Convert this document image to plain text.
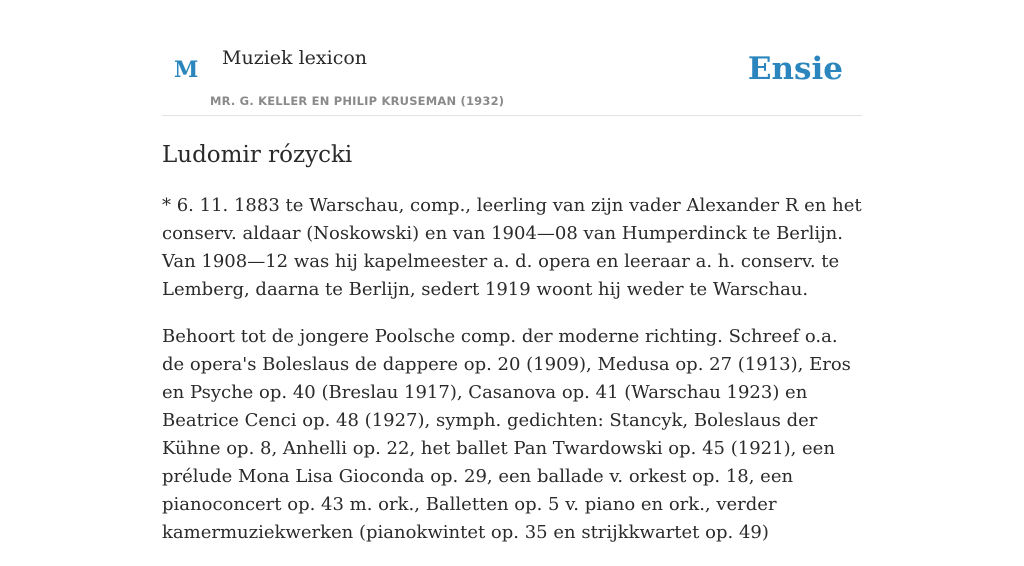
M Muziek lexicon
MR. G. KELLER EN PHILIP KRUSEMAN (1932)
Ensie
Ludomir rózycki

* 6. 11. 1883 te Warschau, comp., leerling van zijn vader Alexander R en het conserv. aldaar (Noskowski) en van 1904—08 van Humperdinck te Berlijn. Van 1908—12 was hij kapelmeester a. d. opera en leeraar a. h. conserv. te Lemberg, daarna te Berlijn, sedert 1919 woont hij weder te Warschau.

Behoort tot de jongere Poolsche comp. der moderne richting. Schreef o.a. de opera's Boleslaus de dappere op. 20 (1909), Medusa op. 27 (1913), Eros en Psyche op. 40 (Breslau 1917), Casanova op. 41 (Warschau 1923) en Beatrice Cenci op. 48 (1927), symph. gedichten: Stancyk, Boleslaus der Kühne op. 8, Anhelli op. 22, het ballet Pan Twardowski op. 45 (1921), een prélude Mona Lisa Gioconda op. 29, een ballade v. orkest op. 18, een pianoconcert op. 43 m. ork., Balletten op. 5 v. piano en ork., verder kamermuziekwerken (pianokwintet op. 35 en strijkkwartet op. 49)
